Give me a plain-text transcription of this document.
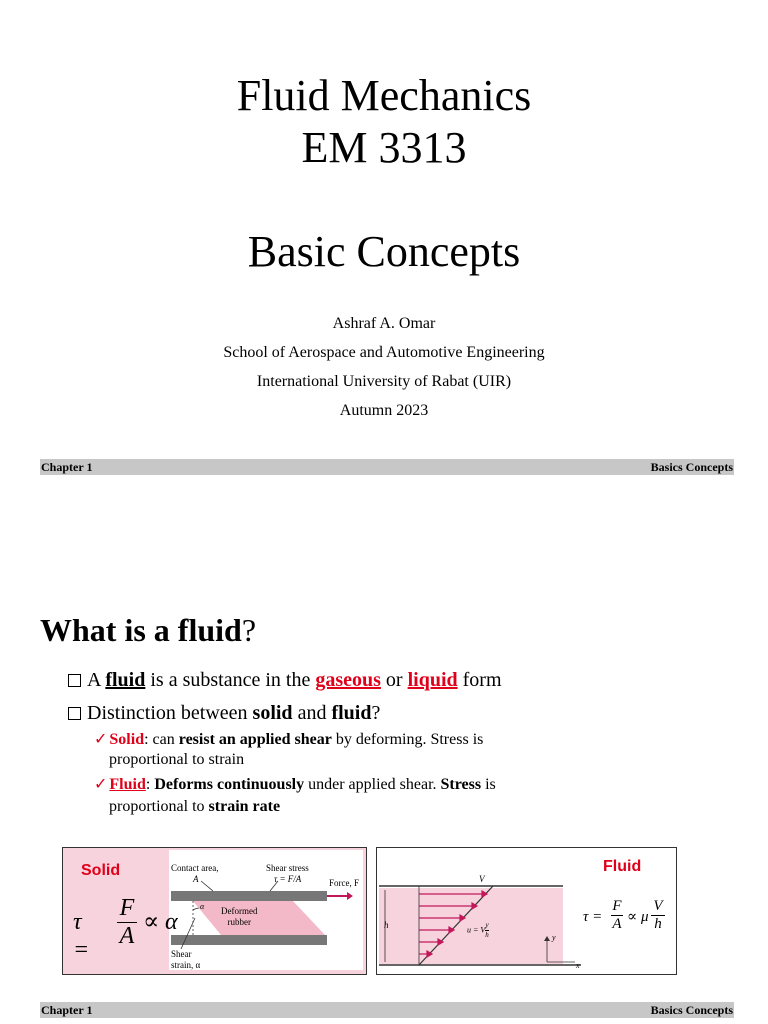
Fluid Mechanics
EM 3313
Basic Concepts
Ashraf A. Omar
School of Aerospace and Automotive Engineering
International University of Rabat (UIR)
Autumn 2023
Chapter 1	Basics Concepts
What is a fluid?
A fluid is a substance in the gaseous or liquid form
Distinction between solid and fluid?
✓ Solid: can resist an applied shear by deforming. Stress is
proportional to strain
✓ Fluid: Deforms continuously under applied shear. Stress is
proportional to strain rate
Solid
τ =
F
A
∝ α
Contact area,
A
Shear stress
τ = F/A	Force, F
α Deformed
rubber
Shear
strain, α
Fluid
V
h
y
x
u = V $\frac{y}{h}$
τ =
F
A ∝ μ
V
h
Chapter 1	Basics Concepts
